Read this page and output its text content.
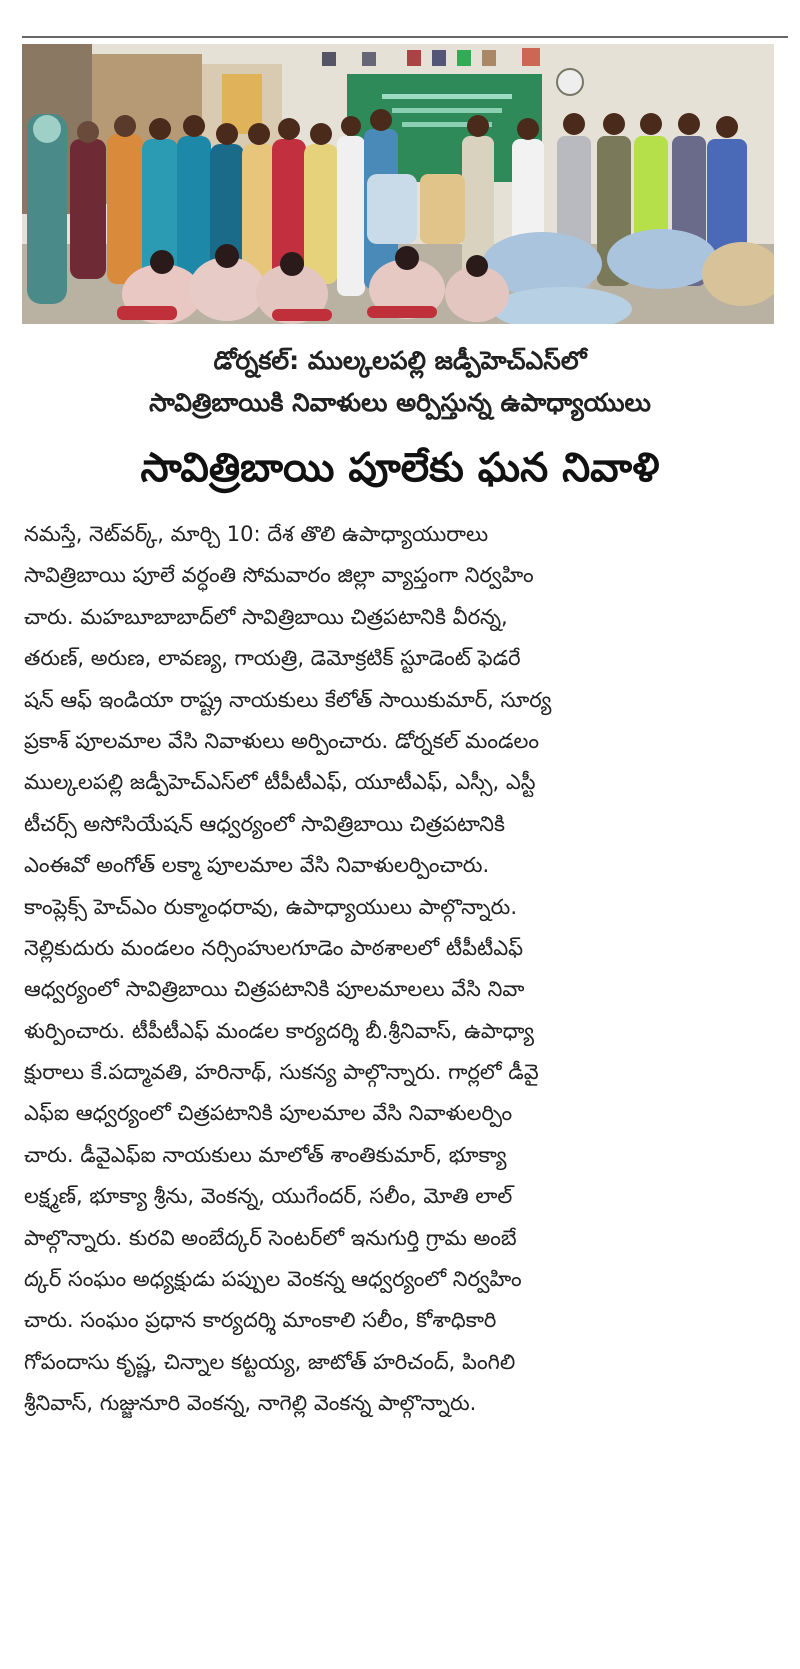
డోర్నకల్: ముల్కలపల్లి జడ్పీహెచ్‌ఎస్‌లో
సావిత్రిబాయికి నివాళులు అర్పిస్తున్న ఉపాధ్యాయులు
సావిత్రిబాయి పూలేకు ఘన నివాళి
నమస్తే, నెట్‌వర్క్, మార్చి 10: దేశ తొలి ఉపాధ్యాయురాలు
సావిత్రిబాయి పూలే వర్ధంతి సోమవారం జిల్లా వ్యాప్తంగా నిర్వహిం
చారు. మహబూబాబాద్‌లో సావిత్రిబాయి చిత్రపటానికి వీరన్న,
తరుణ్, అరుణ, లావణ్య, గాయత్రి, డెమోక్రటిక్ స్టూడెంట్ ఫెడరే
షన్ ఆఫ్ ఇండియా రాష్ట్ర నాయకులు కేలోత్ సాయికుమార్, సూర్య
ప్రకాశ్ పూలమాల వేసి నివాళులు అర్పించారు. డోర్నకల్ మండలం
ముల్కలపల్లి జడ్పీహెచ్‌ఎస్‌లో టీపీటీఎఫ్, యూటీఎఫ్, ఎస్సీ, ఎస్టీ
టీచర్స్ అసోసియేషన్ ఆధ్వర్యంలో సావిత్రిబాయి చిత్రపటానికి
ఎంఈవో అంగోత్ లక్మా పూలమాల వేసి నివాళులర్పించారు.
కాంప్లెక్స్ హెచ్‌ఎం రుక్మాంధరావు, ఉపాధ్యాయులు పాల్గొన్నారు.
నెల్లికుదురు మండలం నర్సింహులగూడెం పాఠశాలలో టీపీటీఎఫ్
ఆధ్వర్యంలో సావిత్రిబాయి చిత్రపటానికి పూలమాలలు వేసి నివా
ళుర్పించారు. టీపీటీఎఫ్ మండల కార్యదర్శి బీ.శ్రీనివాస్, ఉపాధ్యా
క్షురాలు కే.పద్మావతి, హరినాథ్, సుకన్య పాల్గొన్నారు. గార్లలో డీవై
ఎఫ్‌ఐ ఆధ్వర్యంలో చిత్రపటానికి పూలమాల వేసి నివాళులర్పిం
చారు. డీవైఎఫ్‌ఐ నాయకులు మాలోత్ శాంతికుమార్, భూక్యా
లక్ష్మణ్, భూక్యా శ్రీను, వెంకన్న, యుగేందర్, సలీం, మోతి లాల్
పాల్గొన్నారు. కురవి అంబేద్కర్ సెంటర్‌లో ఇనుగుర్తి గ్రామ అంబే
ద్కర్ సంఘం అధ్యక్షుడు పప్పుల వెంకన్న ఆధ్వర్యంలో నిర్వహిం
చారు. సంఘం ప్రధాన కార్యదర్శి మాంకాలి సలీం, కోశాధికారి
గోపందాసు కృష్ణ, చిన్నాల కట్టయ్య, జాటోత్ హరిచంద్, పింగిలి
శ్రీనివాస్, గుజ్జునూరి వెంకన్న, నాగెల్లి వెంకన్న పాల్గొన్నారు.
